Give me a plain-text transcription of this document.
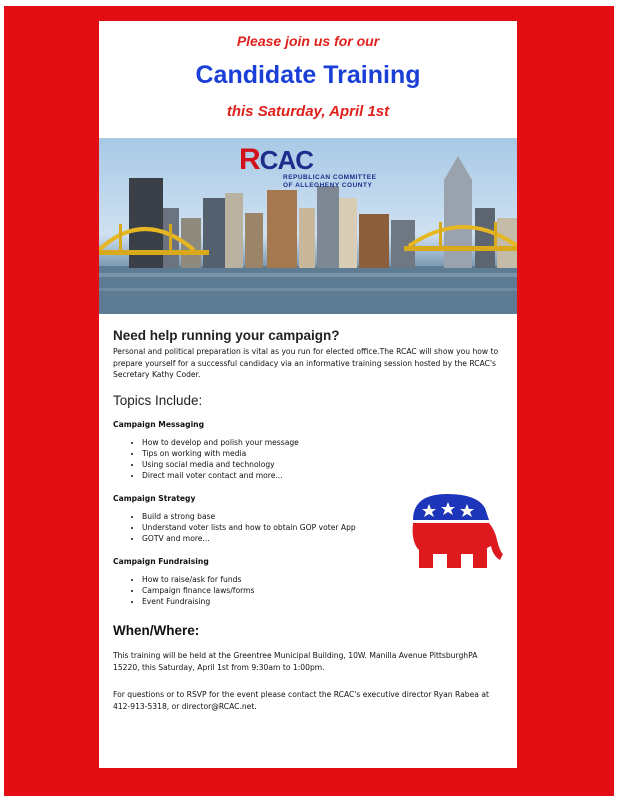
Please join us for our
Candidate Training
this Saturday, April 1st
RCAC
REPUBLICAN COMMITTEE
OF ALLEGHENY COUNTY
Need help running your campaign?

Personal and political preparation is vital as you run for elected office.The RCAC will show you how to prepare yourself for a successful candidacy via an informative training session hosted by the RCAC's Secretary Kathy Coder.

Topics Include:
Campaign Messaging
• How to develop and polish your message
• Tips on working with media
• Using social media and technology
• Direct mail voter contact and more...
Campaign Strategy
• Build a strong base
• Understand voter lists and how to obtain GOP voter App
• GOTV and more...
Campaign Fundraising
• How to raise/ask for funds
• Campaign finance laws/forms
• Event Fundraising
When/Where:

This training will be held at the Greentree Municipal Building, 10W. Manilla Avenue PittsburghPA 15220, this Saturday, April 1st from 9:30am to 1:00pm.

For questions or to RSVP for the event please contact the RCAC's executive director Ryan Rabea at 412-913-5318, or director@RCAC.net.
